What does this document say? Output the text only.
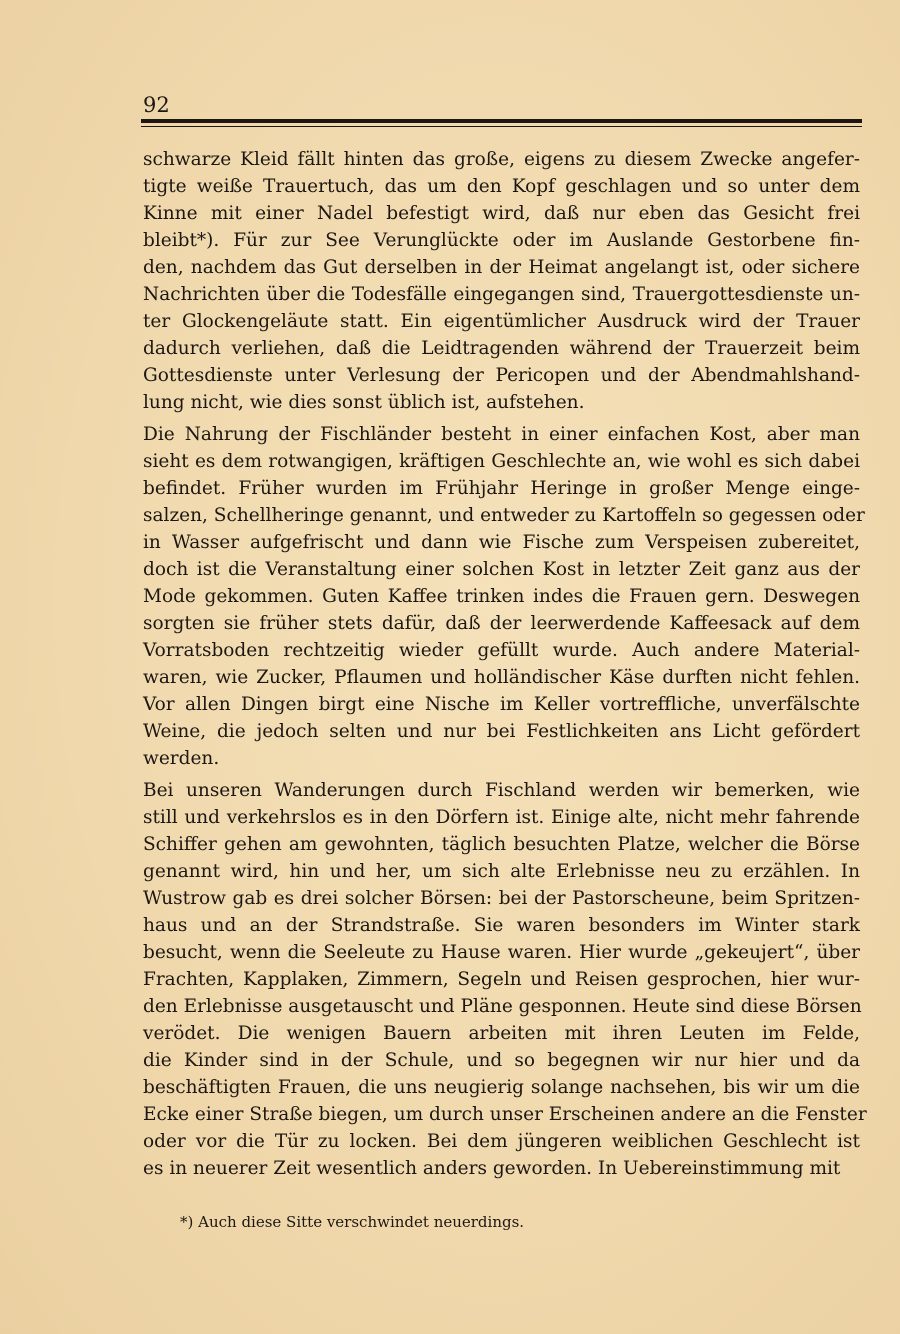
92
schwarze Kleid fällt hinten das große, eigens zu diesem Zwecke angefer-
tigte weiße Trauertuch, das um den Kopf geschlagen und so unter dem
Kinne mit einer Nadel befestigt wird, daß nur eben das Gesicht frei
bleibt*). Für zur See Verunglückte oder im Auslande Gestorbene fin-
den, nachdem das Gut derselben in der Heimat angelangt ist, oder sichere
Nachrichten über die Todesfälle eingegangen sind, Trauergottesdienste un-
ter Glockengeläute statt. Ein eigentümlicher Ausdruck wird der Trauer
dadurch verliehen, daß die Leidtragenden während der Trauerzeit beim
Gottesdienste unter Verlesung der Pericopen und der Abendmahlshand-
lung nicht, wie dies sonst üblich ist, aufstehen.
Die Nahrung der Fischländer besteht in einer einfachen Kost, aber man
sieht es dem rotwangigen, kräftigen Geschlechte an, wie wohl es sich dabei
befindet. Früher wurden im Frühjahr Heringe in großer Menge einge-
salzen, Schellheringe genannt, und entweder zu Kartoffeln so gegessen oder
in Wasser aufgefrischt und dann wie Fische zum Verspeisen zubereitet,
doch ist die Veranstaltung einer solchen Kost in letzter Zeit ganz aus der
Mode gekommen. Guten Kaffee trinken indes die Frauen gern. Deswegen
sorgten sie früher stets dafür, daß der leerwerdende Kaffeesack auf dem
Vorratsboden rechtzeitig wieder gefüllt wurde. Auch andere Material-
waren, wie Zucker, Pflaumen und holländischer Käse durften nicht fehlen.
Vor allen Dingen birgt eine Nische im Keller vortreffliche, unverfälschte
Weine, die jedoch selten und nur bei Festlichkeiten ans Licht gefördert
werden.
Bei unseren Wanderungen durch Fischland werden wir bemerken, wie
still und verkehrslos es in den Dörfern ist. Einige alte, nicht mehr fahrende
Schiffer gehen am gewohnten, täglich besuchten Platze, welcher die Börse
genannt wird, hin und her, um sich alte Erlebnisse neu zu erzählen. In
Wustrow gab es drei solcher Börsen: bei der Pastorscheune, beim Spritzen-
haus und an der Strandstraße. Sie waren besonders im Winter stark
besucht, wenn die Seeleute zu Hause waren. Hier wurde „gekeujert“, über
Frachten, Kapplaken, Zimmern, Segeln und Reisen gesprochen, hier wur-
den Erlebnisse ausgetauscht und Pläne gesponnen. Heute sind diese Börsen
verödet. Die wenigen Bauern arbeiten mit ihren Leuten im Felde,
die Kinder sind in der Schule, und so begegnen wir nur hier und da
beschäftigten Frauen, die uns neugierig solange nachsehen, bis wir um die
Ecke einer Straße biegen, um durch unser Erscheinen andere an die Fenster
oder vor die Tür zu locken. Bei dem jüngeren weiblichen Geschlecht ist
es in neuerer Zeit wesentlich anders geworden. In Uebereinstimmung mit
*) Auch diese Sitte verschwindet neuerdings.
